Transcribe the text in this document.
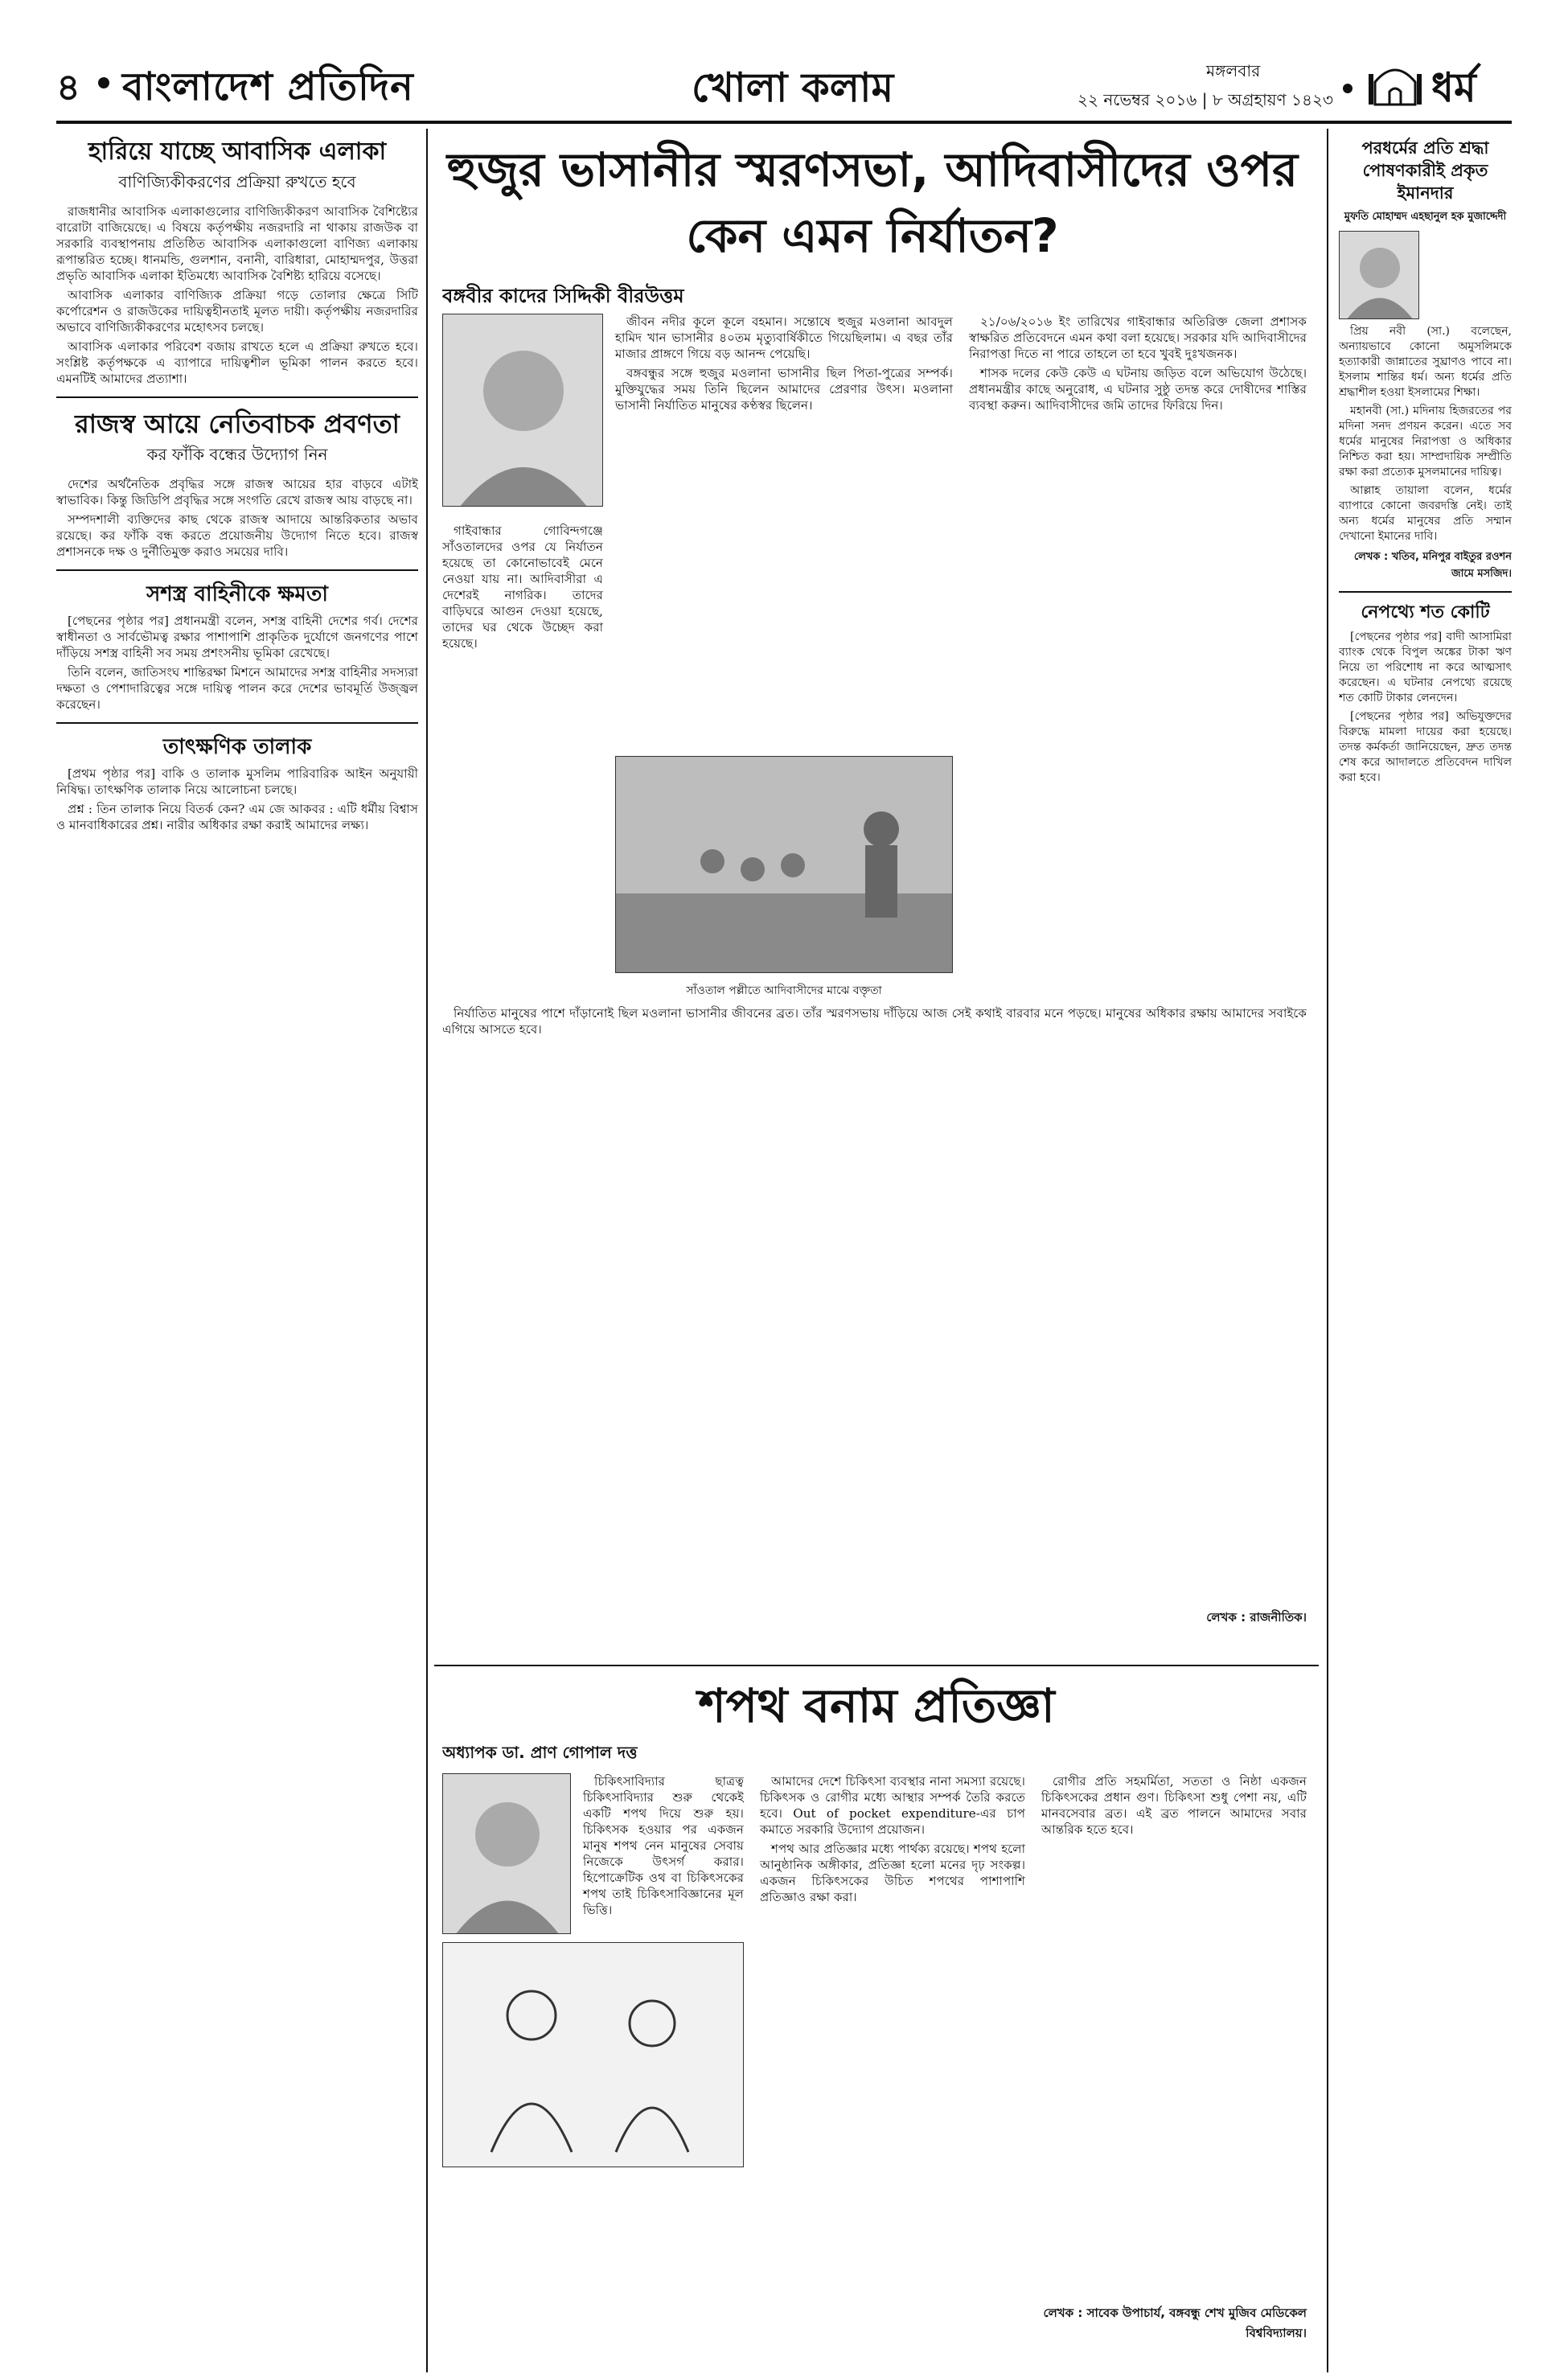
৪ বাংলাদেশ প্রতিদিন	খোলা কলাম	মঙ্গলবার
২২ নভেম্বর ২০১৬ | ৮ অগ্রহায়ণ ১৪২৩ ধর্ম
হারিয়ে যাচ্ছে আবাসিক এলাকা
বাণিজ্যিকীকরণের প্রক্রিয়া রুখতে হবে

রাজধানীর আবাসিক এলাকাগুলোর বাণিজ্যিকীকরণ আবাসিক বৈশিষ্ট্যের বারোটা বাজিয়েছে। এ বিষয়ে কর্তৃপক্ষীয় নজরদারি না থাকায় রাজউক বা সরকারি ব্যবস্থাপনায় প্রতিষ্ঠিত আবাসিক এলাকাগুলো বাণিজ্য এলাকায় রূপান্তরিত হচ্ছে। ধানমন্ডি, গুলশান, বনানী, বারিধারা, মোহাম্মদপুর, উত্তরা প্রভৃতি আবাসিক এলাকা ইতিমধ্যে আবাসিক বৈশিষ্ট্য হারিয়ে বসেছে।

আবাসিক এলাকার বাণিজ্যিক প্রক্রিয়া গড়ে তোলার ক্ষেত্রে সিটি কর্পোরেশন ও রাজউকের দায়িত্বহীনতাই মূলত দায়ী। কর্তৃপক্ষীয় নজরদারির অভাবে বাণিজ্যিকীকরণের মহোৎসব চলছে।

আবাসিক এলাকার পরিবেশ বজায় রাখতে হলে এ প্রক্রিয়া রুখতে হবে। সংশ্লিষ্ট কর্তৃপক্ষকে এ ব্যাপারে দায়িত্বশীল ভূমিকা পালন করতে হবে। এমনটিই আমাদের প্রত্যাশা।

রাজস্ব আয়ে নেতিবাচক প্রবণতা
কর ফাঁকি বন্ধের উদ্যোগ নিন

দেশের অর্থনৈতিক প্রবৃদ্ধির সঙ্গে রাজস্ব আয়ের হার বাড়বে এটাই স্বাভাবিক। কিন্তু জিডিপি প্রবৃদ্ধির সঙ্গে সংগতি রেখে রাজস্ব আয় বাড়ছে না।

সম্পদশালী ব্যক্তিদের কাছ থেকে রাজস্ব আদায়ে আন্তরিকতার অভাব রয়েছে। কর ফাঁকি বন্ধ করতে প্রয়োজনীয় উদ্যোগ নিতে হবে। রাজস্ব প্রশাসনকে দক্ষ ও দুর্নীতিমুক্ত করাও সময়ের দাবি।

সশস্ত্র বাহিনীকে ক্ষমতা

[পেছনের পৃষ্ঠার পর] প্রধানমন্ত্রী বলেন, সশস্ত্র বাহিনী দেশের গর্ব। দেশের স্বাধীনতা ও সার্বভৌমত্ব রক্ষার পাশাপাশি প্রাকৃতিক দুর্যোগে জনগণের পাশে দাঁড়িয়ে সশস্ত্র বাহিনী সব সময় প্রশংসনীয় ভূমিকা রেখেছে।

তিনি বলেন, জাতিসংঘ শান্তিরক্ষা মিশনে আমাদের সশস্ত্র বাহিনীর সদস্যরা দক্ষতা ও পেশাদারিত্বের সঙ্গে দায়িত্ব পালন করে দেশের ভাবমূর্তি উজ্জ্বল করেছেন।

তাৎক্ষণিক তালাক

[প্রথম পৃষ্ঠার পর] বাকি ও তালাক মুসলিম পারিবারিক আইন অনুযায়ী নিষিদ্ধ। তাৎক্ষণিক তালাক নিয়ে আলোচনা চলছে।

প্রশ্ন : তিন তালাক নিয়ে বিতর্ক কেন? এম জে আকবর : এটি ধর্মীয় বিশ্বাস ও মানবাধিকারের প্রশ্ন। নারীর অধিকার রক্ষা করাই আমাদের লক্ষ্য।

হুজুর ভাসানীর স্মরণসভা, আদিবাসীদের ওপর কেন এমন নির্যাতন?
বঙ্গবীর কাদের সিদ্দিকী বীরউত্তম

জীবন নদীর কূলে কূলে বহমান। সন্তোষে হুজুর মওলানা আবদুল হামিদ খান ভাসানীর ৪০তম মৃত্যুবার্ষিকীতে গিয়েছিলাম। এ বছর তাঁর মাজার প্রাঙ্গণে গিয়ে বড় আনন্দ পেয়েছি।

বঙ্গবন্ধুর সঙ্গে হুজুর মওলানা ভাসানীর ছিল পিতা-পুত্রের সম্পর্ক। মুক্তিযুদ্ধের সময় তিনি ছিলেন আমাদের প্রেরণার উৎস। মওলানা ভাসানী নির্যাতিত মানুষের কণ্ঠস্বর ছিলেন।

২১/০৬/২০১৬ ইং তারিখের গাইবান্ধার অতিরিক্ত জেলা প্রশাসক স্বাক্ষরিত প্রতিবেদনে এমন কথা বলা হয়েছে। সরকার যদি আদিবাসীদের নিরাপত্তা দিতে না পারে তাহলে তা হবে খুবই দুঃখজনক।

শাসক দলের কেউ কেউ এ ঘটনায় জড়িত বলে অভিযোগ উঠেছে। প্রধানমন্ত্রীর কাছে অনুরোধ, এ ঘটনার সুষ্ঠু তদন্ত করে দোষীদের শাস্তির ব্যবস্থা করুন। আদিবাসীদের জমি তাদের ফিরিয়ে দিন।

সাঁওতাল পল্লীতে আদিবাসীদের মাঝে বক্তৃতা

গাইবান্ধার গোবিন্দগঞ্জে সাঁওতালদের ওপর যে নির্যাতন হয়েছে তা কোনোভাবেই মেনে নেওয়া যায় না। আদিবাসীরা এ দেশেরই নাগরিক। তাদের বাড়িঘরে আগুন দেওয়া হয়েছে, তাদের ঘর থেকে উচ্ছেদ করা হয়েছে।

নির্যাতিত মানুষের পাশে দাঁড়ানোই ছিল মওলানা ভাসানীর জীবনের ব্রত। তাঁর স্মরণসভায় দাঁড়িয়ে আজ সেই কথাই বারবার মনে পড়ছে। মানুষের অধিকার রক্ষায় আমাদের সবাইকে এগিয়ে আসতে হবে।

লেখক : রাজনীতিক।
শপথ বনাম প্রতিজ্ঞা
অধ্যাপক ডা. প্রাণ গোপাল দত্ত

চিকিৎসাবিদ্যার ছাত্রত্ব চিকিৎসাবিদ্যার শুরু থেকেই একটি শপথ দিয়ে শুরু হয়। চিকিৎসক হওয়ার পর একজন মানুষ শপথ নেন মানুষের সেবায় নিজেকে উৎসর্গ করার। হিপোক্রেটিক ওথ বা চিকিৎসকের শপথ তাই চিকিৎসাবিজ্ঞানের মূল ভিত্তি।

আমাদের দেশে চিকিৎসা ব্যবস্থার নানা সমস্যা রয়েছে। চিকিৎসক ও রোগীর মধ্যে আস্থার সম্পর্ক তৈরি করতে হবে। Out of pocket expenditure-এর চাপ কমাতে সরকারি উদ্যোগ প্রয়োজন।

শপথ আর প্রতিজ্ঞার মধ্যে পার্থক্য রয়েছে। শপথ হলো আনুষ্ঠানিক অঙ্গীকার, প্রতিজ্ঞা হলো মনের দৃঢ় সংকল্প। একজন চিকিৎসকের উচিত শপথের পাশাপাশি প্রতিজ্ঞাও রক্ষা করা।

রোগীর প্রতি সহমর্মিতা, সততা ও নিষ্ঠা একজন চিকিৎসকের প্রধান গুণ। চিকিৎসা শুধু পেশা নয়, এটি মানবসেবার ব্রত। এই ব্রত পালনে আমাদের সবার আন্তরিক হতে হবে।

লেখক : সাবেক উপাচার্য, বঙ্গবন্ধু শেখ মুজিব মেডিকেল বিশ্ববিদ্যালয়।
পরধর্মের প্রতি শ্রদ্ধা পোষণকারীই প্রকৃত ইমানদার
মুফতি মোহাম্মদ এহছানুল হক মুজাদ্দেদী

প্রিয় নবী (সা.) বলেছেন, অন্যায়ভাবে কোনো অমুসলিমকে হত্যাকারী জান্নাতের সুঘ্রাণও পাবে না। ইসলাম শান্তির ধর্ম। অন্য ধর্মের প্রতি শ্রদ্ধাশীল হওয়া ইসলামের শিক্ষা।

মহানবী (সা.) মদিনায় হিজরতের পর মদিনা সনদ প্রণয়ন করেন। এতে সব ধর্মের মানুষের নিরাপত্তা ও অধিকার নিশ্চিত করা হয়। সাম্প্রদায়িক সম্প্রীতি রক্ষা করা প্রত্যেক মুসলমানের দায়িত্ব।

আল্লাহ তায়ালা বলেন, ধর্মের ব্যাপারে কোনো জবরদস্তি নেই। তাই অন্য ধর্মের মানুষের প্রতি সম্মান দেখানো ইমানের দাবি।

লেখক : খতিব, মনিপুর বাইতুর রওশন জামে মসজিদ।
নেপথ্যে শত কোটি

[পেছনের পৃষ্ঠার পর] বাদী আসামিরা ব্যাংক থেকে বিপুল অঙ্কের টাকা ঋণ নিয়ে তা পরিশোধ না করে আত্মসাৎ করেছেন। এ ঘটনার নেপথ্যে রয়েছে শত কোটি টাকার লেনদেন।

[পেছনের পৃষ্ঠার পর] অভিযুক্তদের বিরুদ্ধে মামলা দায়ের করা হয়েছে। তদন্ত কর্মকর্তা জানিয়েছেন, দ্রুত তদন্ত শেষ করে আদালতে প্রতিবেদন দাখিল করা হবে।
